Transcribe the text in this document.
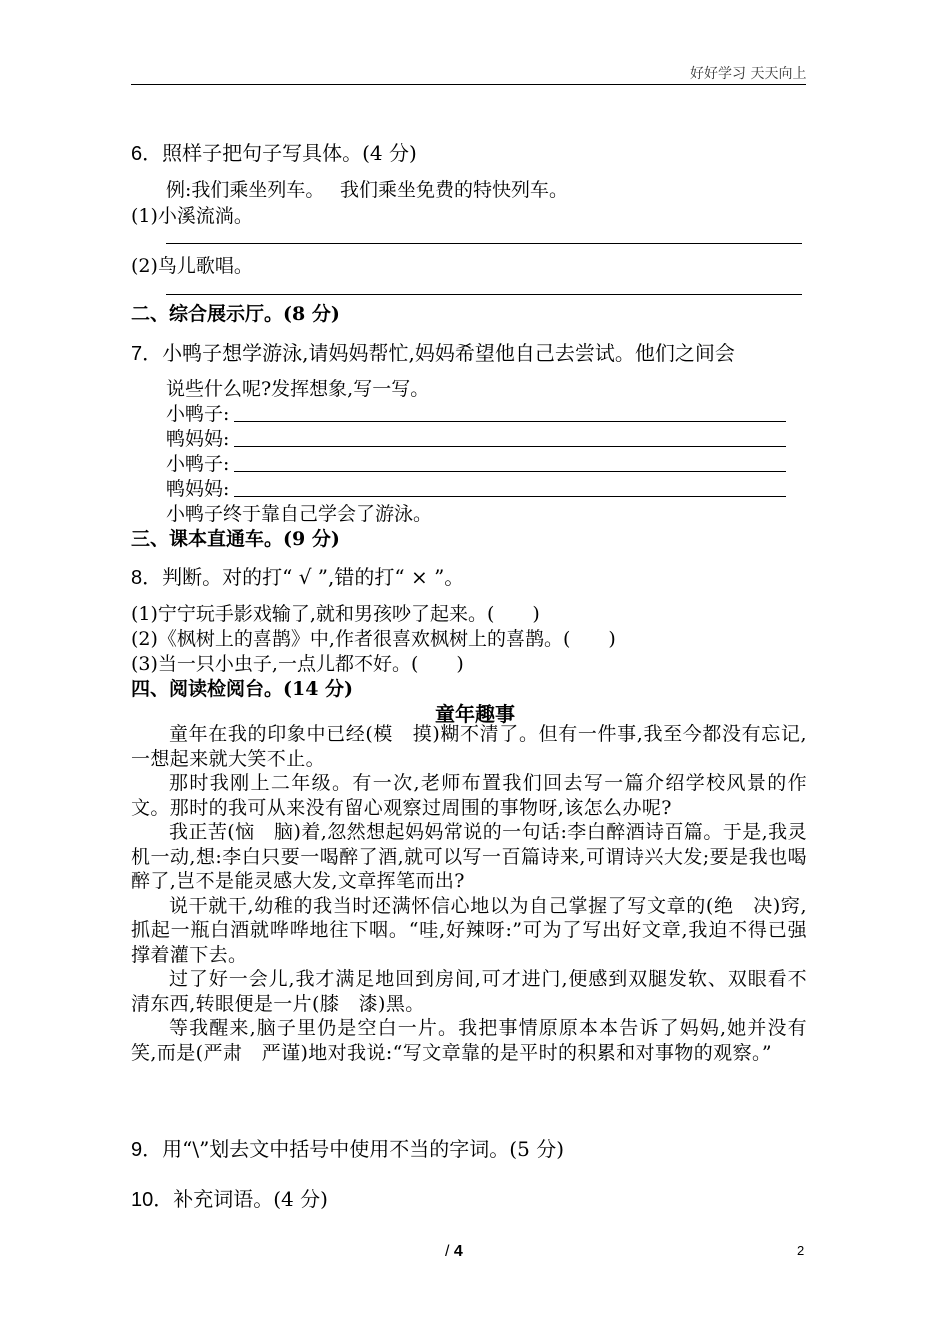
好好学习 天天向上
6．照样子把句子写具体。(4 分)
例:我们乘坐列车。　 我们乘坐免费的特快列车。
(1)小溪流淌。
(2)鸟儿歌唱。
二、综合展示厅。(8 分)
7．小鸭子想学游泳,请妈妈帮忙,妈妈希望他自己去尝试。他们之间会
说些什么呢?发挥想象,写一写。
小鸭子:
鸭妈妈:
小鸭子:
鸭妈妈:
小鸭子终于靠自己学会了游泳。
三、课本直通车。(9 分)
8．判断。对的打“ √ ”,错的打“ × ”。
(1)宁宁玩手影戏输了,就和男孩吵了起来。(　　)
(2)《枫树上的喜鹊》中,作者很喜欢枫树上的喜鹊。(　　)
(3)当一只小虫子,一点儿都不好。(　　)
四、阅读检阅台。(14 分)
童年趣事

童年在我的印象中已经(模　摸)糊不清了。但有一件事,我至今都没有忘记,一想起来就大笑不止。

那时我刚上二年级。有一次,老师布置我们回去写一篇介绍学校风景的作文。那时的我可从来没有留心观察过周围的事物呀,该怎么办呢?

我正苦(恼　脑)着,忽然想起妈妈常说的一句话:李白醉酒诗百篇。于是,我灵机一动,想:李白只要一喝醉了酒,就可以写一百篇诗来,可谓诗兴大发;要是我也喝醉了,岂不是能灵感大发,文章挥笔而出?

说干就干,幼稚的我当时还满怀信心地以为自己掌握了写文章的(绝　决)窍,抓起一瓶白酒就哗哗地往下咽。“哇,好辣呀:”可为了写出好文章,我迫不得已强撑着灌下去。

过了好一会儿,我才满足地回到房间,可才进门,便感到双腿发软、双眼看不清东西,转眼便是一片(膝　漆)黑。

等我醒来,脑子里仍是空白一片。我把事情原原本本告诉了妈妈,她并没有笑,而是(严肃　严谨)地对我说:“写文章靠的是平时的积累和对事物的观察。”

9．用“\”划去文中括号中使用不当的字词。(5 分)
10．补充词语。(4 分)
/ 4	2
